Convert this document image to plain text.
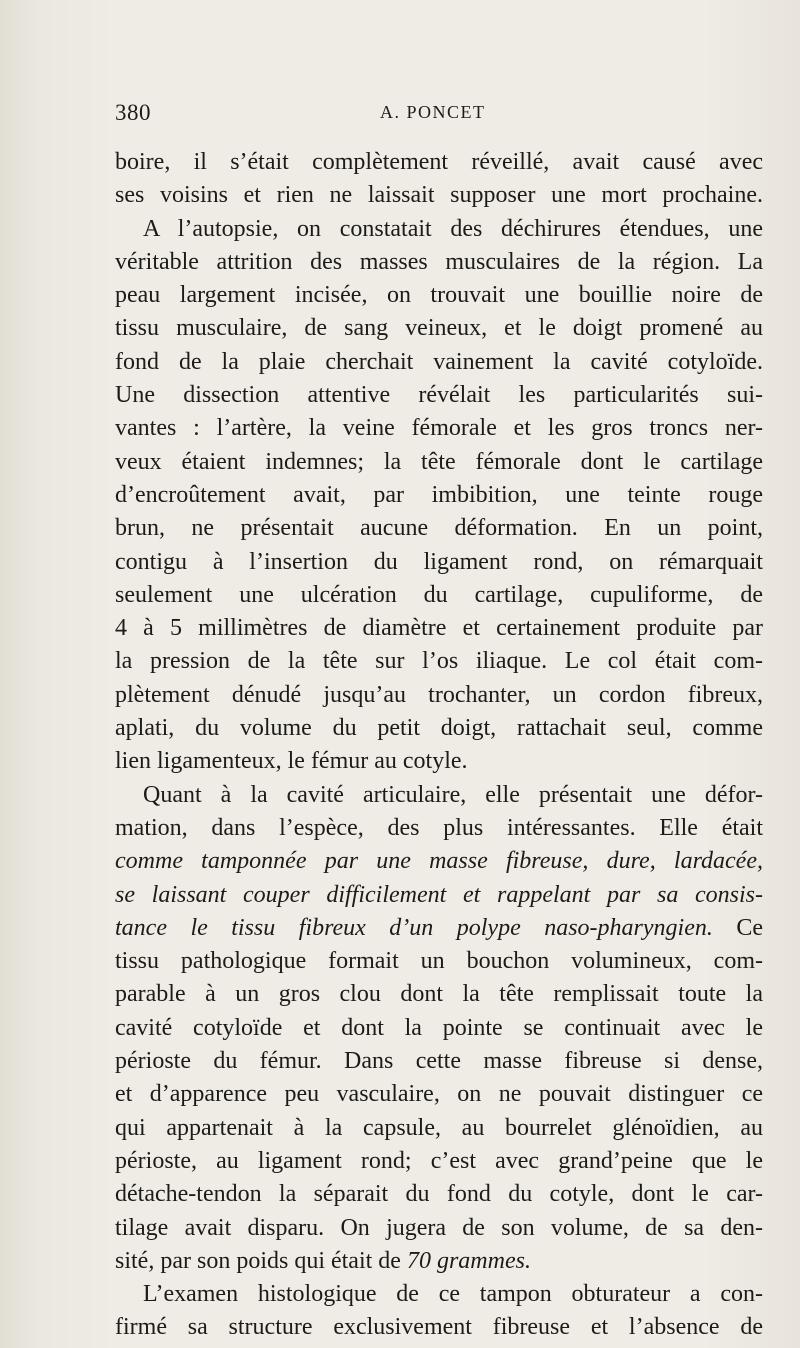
380	A. PONCET
boire, il s’était complètement réveillé, avait causé avec
ses voisins et rien ne laissait supposer une mort prochaine.
A l’autopsie, on constatait des déchirures étendues, une
véritable attrition des masses musculaires de la région. La
peau largement incisée, on trouvait une bouillie noire de
tissu musculaire, de sang veineux, et le doigt promené au
fond de la plaie cherchait vainement la cavité cotyloïde.
Une dissection attentive révélait les particularités sui-
vantes : l’artère, la veine fémorale et les gros troncs ner-
veux étaient indemnes; la tête fémorale dont le cartilage
d’encroûtement avait, par imbibition, une teinte rouge
brun, ne présentait aucune déformation. En un point,
contigu à l’insertion du ligament rond, on rémarquait
seulement une ulcération du cartilage, cupuliforme, de
4 à 5 millimètres de diamètre et certainement produite par
la pression de la tête sur l’os iliaque. Le col était com-
plètement dénudé jusqu’au trochanter, un cordon fibreux,
aplati, du volume du petit doigt, rattachait seul, comme
lien ligamenteux, le fémur au cotyle.
Quant à la cavité articulaire, elle présentait une défor-
mation, dans l’espèce, des plus intéressantes. Elle était
comme tamponnée par une masse fibreuse, dure, lardacée,
se laissant couper difficilement et rappelant par sa consis-
tance le tissu fibreux d’un polype naso-pharyngien. Ce
tissu pathologique formait un bouchon volumineux, com-
parable à un gros clou dont la tête remplissait toute la
cavité cotyloïde et dont la pointe se continuait avec le
périoste du fémur. Dans cette masse fibreuse si dense,
et d’apparence peu vasculaire, on ne pouvait distinguer ce
qui appartenait à la capsule, au bourrelet glénoïdien, au
périoste, au ligament rond; c’est avec grand’peine que le
détache-tendon la séparait du fond du cotyle, dont le car-
tilage avait disparu. On jugera de son volume, de sa den-
sité, par son poids qui était de 70 grammes.
L’examen histologique de ce tampon obturateur a con-
firmé sa structure exclusivement fibreuse et l’absence de
